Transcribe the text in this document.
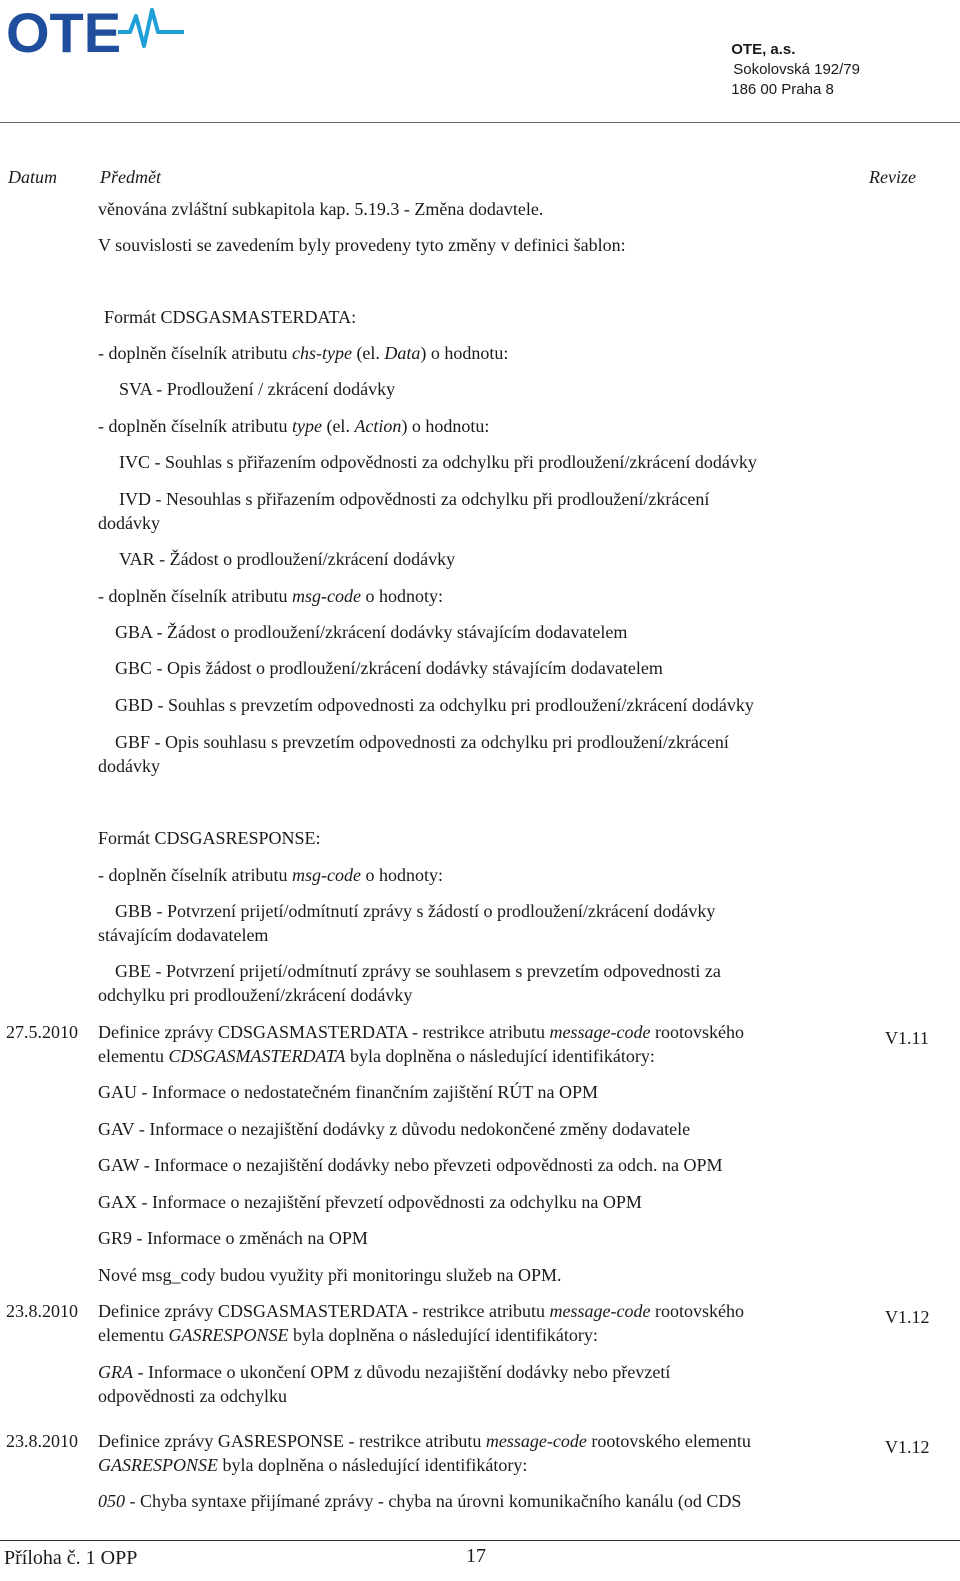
OTE	OTE, a.s.
Sokolovská 192/79
186 00 Praha 8
Datum Předmět	Revize
věnována zvláštní subkapitola kap. 5.19.3 - Změna dodavtele.
V souvislosti se zavedením byly provedeny tyto změny v definici šablon:
Formát CDSGASMASTERDATA:
- doplněn číselník atributu chs-type (el. Data) o hodnotu:
SVA - Prodloužení / zkrácení dodávky
- doplněn číselník atributu type (el. Action) o hodnotu:
IVC - Souhlas s přiřazením odpovědnosti za odchylku při prodloužení/zkrácení dodávky
IVD - Nesouhlas s přiřazením odpovědnosti za odchylku při prodloužení/zkrácení
dodávky
VAR - Žádost o prodloužení/zkrácení dodávky
- doplněn číselník atributu msg-code o hodnoty:
GBA - Žádost o prodloužení/zkrácení dodávky stávajícím dodavatelem
GBC - Opis žádost o prodloužení/zkrácení dodávky stávajícím dodavatelem
GBD - Souhlas s prevzetím odpovednosti za odchylku pri prodloužení/zkrácení dodávky
GBF - Opis souhlasu s prevzetím odpovednosti za odchylku pri prodloužení/zkrácení
dodávky
Formát CDSGASRESPONSE:
- doplněn číselník atributu msg-code o hodnoty:
GBB - Potvrzení prijetí/odmítnutí zprávy s žádostí o prodloužení/zkrácení dodávky
stávajícím dodavatelem
GBE - Potvrzení prijetí/odmítnutí zprávy se souhlasem s prevzetím odpovednosti za
odchylku pri prodloužení/zkrácení dodávky
27.5.2010	V1.11
Definice zprávy CDSGASMASTERDATA - restrikce atributu message-code rootovského
elementu CDSGASMASTERDATA byla doplněna o následující identifikátory:
GAU - Informace o nedostatečném finančním zajištění RÚT na OPM
GAV - Informace o nezajištění dodávky z důvodu nedokončené změny dodavatele
GAW - Informace o nezajištění dodávky nebo převzeti odpovědnosti za odch. na OPM
GAX - Informace o nezajištění převzetí odpovědnosti za odchylku na OPM
GR9 - Informace o změnách na OPM
Nové msg_cody budou využity při monitoringu služeb na OPM.
23.8.2010	V1.12
Definice zprávy CDSGASMASTERDATA - restrikce atributu message-code rootovského
elementu GASRESPONSE byla doplněna o následující identifikátory:
GRA - Informace o ukončení OPM z důvodu nezajištění dodávky nebo převzetí
odpovědnosti za odchylku
23.8.2010	V1.12
Definice zprávy GASRESPONSE - restrikce atributu message-code rootovského elementu
GASRESPONSE byla doplněna o následující identifikátory:
050 - Chyba syntaxe přijímané zprávy - chyba na úrovni komunikačního kanálu (od CDS
Příloha č. 1 OPP	17
